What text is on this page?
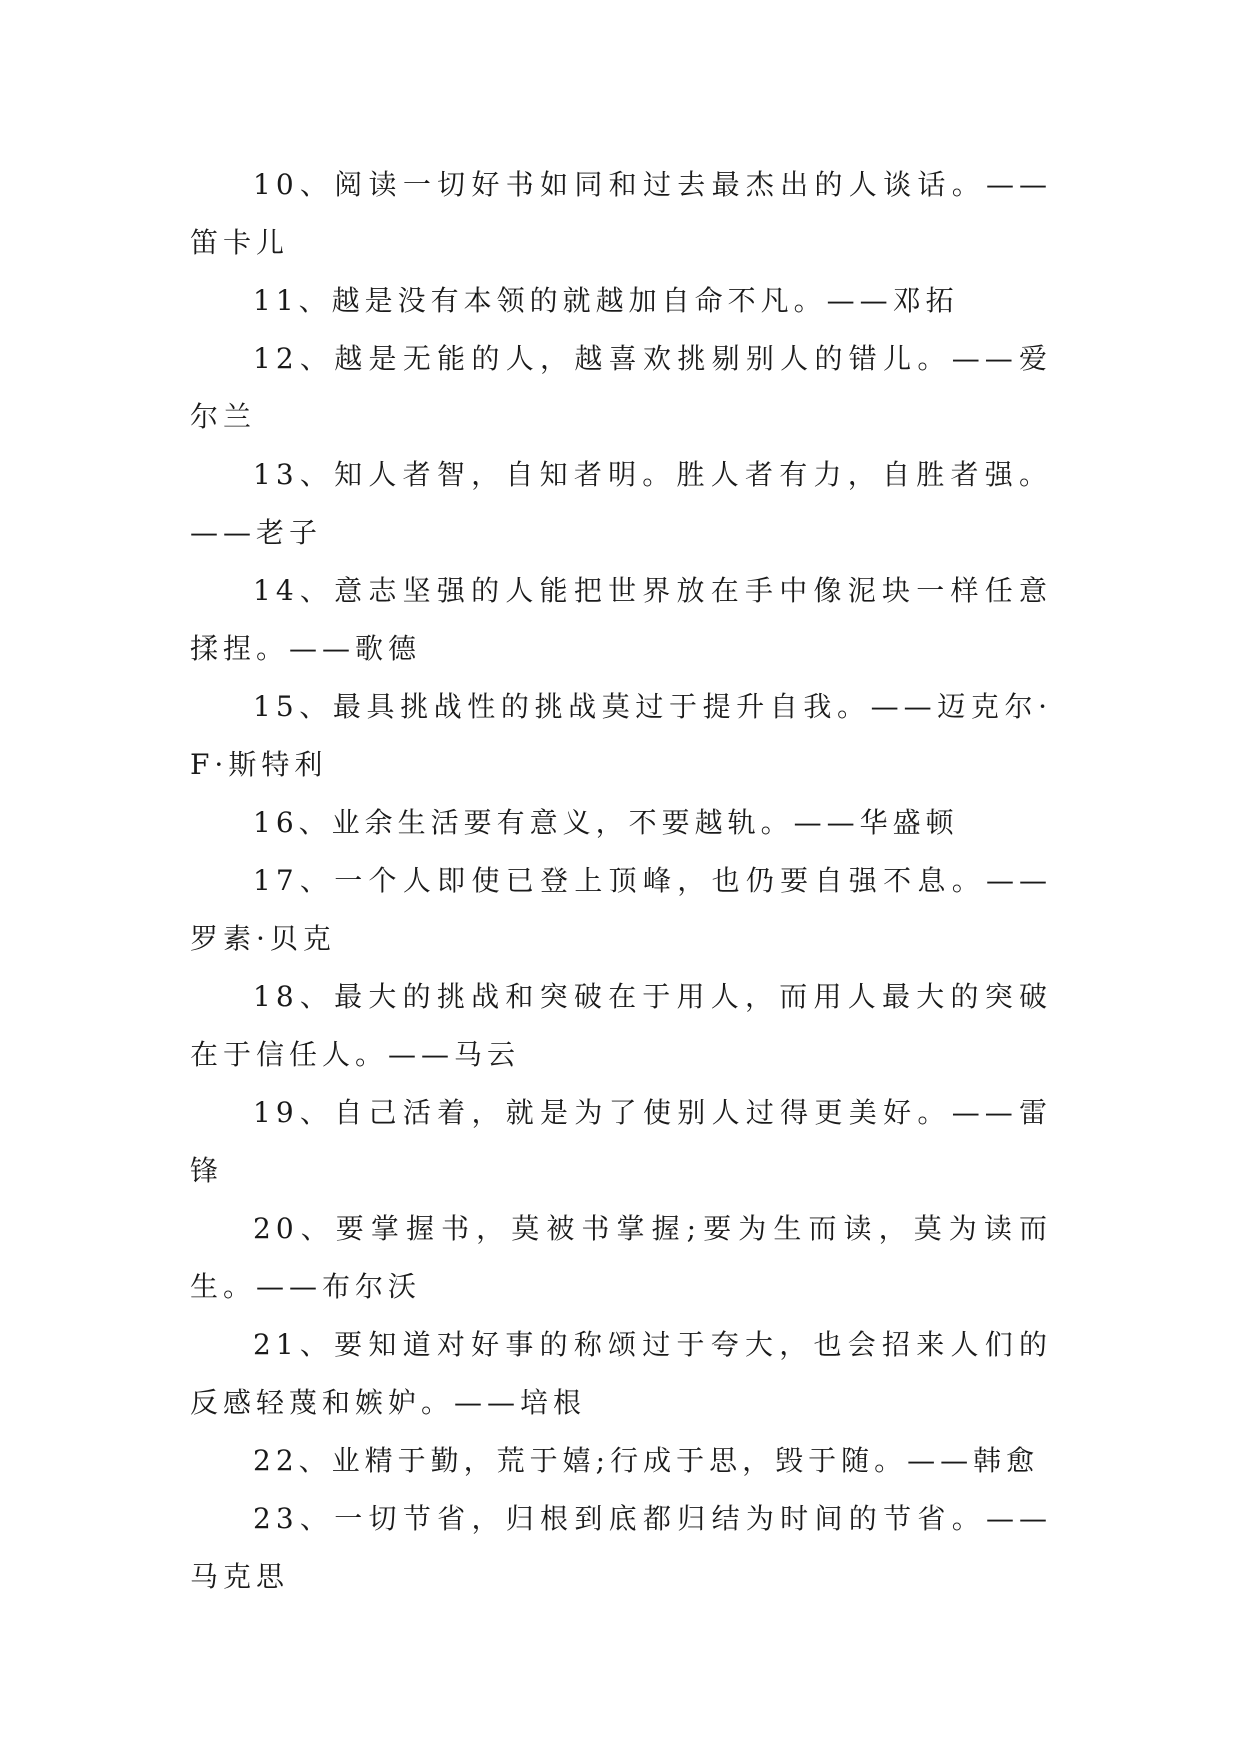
10、阅读一切好书如同和过去最杰出的人谈话。——笛卡儿

11、越是没有本领的就越加自命不凡。——邓拓

12、越是无能的人，越喜欢挑剔别人的错儿。——爱尔兰

13、知人者智，自知者明。胜人者有力，自胜者强。——老子

14、意志坚强的人能把世界放在手中像泥块一样任意揉捏。——歌德

15、最具挑战性的挑战莫过于提升自我。——迈克尔·F·斯特利

16、业余生活要有意义，不要越轨。——华盛顿

17、一个人即使已登上顶峰，也仍要自强不息。——罗素·贝克

18、最大的挑战和突破在于用人，而用人最大的突破在于信任人。——马云

19、自己活着，就是为了使别人过得更美好。——雷锋

20、要掌握书，莫被书掌握;要为生而读，莫为读而生。——布尔沃

21、要知道对好事的称颂过于夸大，也会招来人们的反感轻蔑和嫉妒。——培根

22、业精于勤，荒于嬉;行成于思，毁于随。——韩愈

23、一切节省，归根到底都归结为时间的节省。——马克思
